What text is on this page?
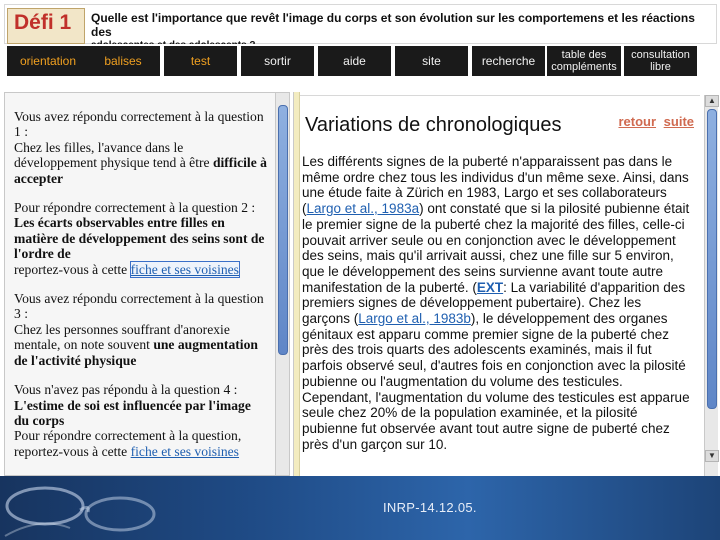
Défi 1 Quelle est l'importance que revêt l'image du corps et son évolution sur les comportemens et les réactions des
orientation	balises	test	sortir	aide	site	recherche	table des compléments
consultation libre

Vous avez répondu correctement à la question 1 :
Chez les filles, l'avance dans le développement physique tend à être difficile à accepter

Pour répondre correctement à la question 2 :
Les écarts observables entre filles en matière de développement des seins sont de l'ordre de
reportez-vous à cette fiche et ses voisines

Vous avez répondu correctement à la question 3 :
Chez les personnes souffrant d'anorexie mentale, on note souvent une augmentation de l'activité physique

Vous n'avez pas répondu à la question 4 :
L'estime de soi est influencée par l'image du corps
Pour répondre correctement à la question,
reportez-vous à cette fiche et ses voisines

Variations de chronologiques	retour suite
Les différents signes de la puberté n'apparaissent pas dans le même ordre chez tous les individus d'un même sexe. Ainsi, dans une étude faite à Zürich en 1983, Largo et ses collaborateurs (Largo et al., 1983a) ont constaté que si la pilosité pubienne était le premier signe de la puberté chez la majorité des filles, celle-ci pouvait arriver seule ou en conjonction avec le développement des seins, mais qu'il arrivait aussi, chez une fille sur 5 environ, que le développement des seins survienne avant toute autre manifestation de la puberté. (EXT: La variabilité d'apparition des premiers signes de développement pubertaire). Chez les garçons (Largo et al., 1983b), le développement des organes génitaux est apparu comme premier signe de la puberté chez près des trois quarts des adolescents examinés, mais il fut parfois observé seul, d'autres fois en conjonction avec la pilosité pubienne ou l'augmentation du volume des testicules. Cependant, l'augmentation du volume des testicules est apparue seule chez 20% de la population examinée, et la pilosité pubienne fut observée avant tout autre signe de puberté chez près d'un garçon sur 10.
▲
▼
INRP-14.12.05.
